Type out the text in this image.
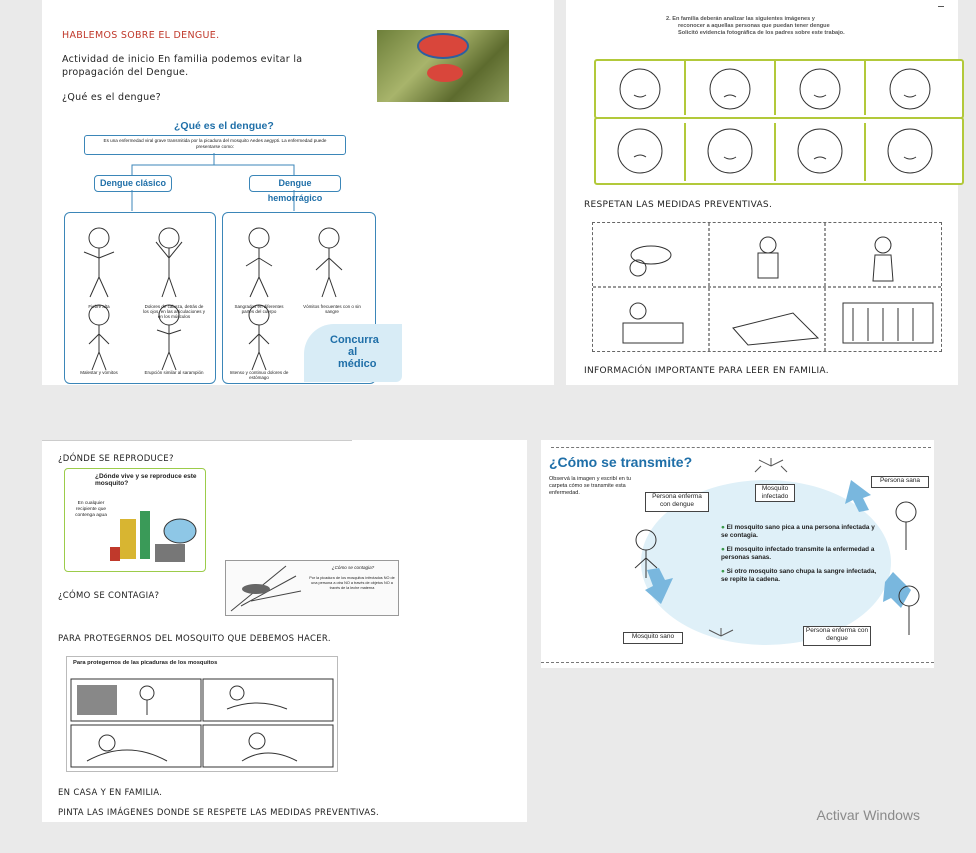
HABLEMOS SOBRE EL DENGUE.
Actividad de inicio En familia podemos evitar la propagación del Dengue.
¿Qué es el dengue?
¿Qué es el dengue?
Es una enfermedad viral grave transmitida por la picadura del mosquito Aedes aegypti. La enfermedad puede presentarse como:
Dengue clásico	Dengue hemorrágico
Fiebre alta	Dolores de cabeza, detrás de los ojos, en las articulaciones y en los músculos
Malestar y vómitos	Erupción similar al sarampión
Sangrados en diferentes partes del cuerpo
Vómitos frecuentes con o sin sangre
Intenso y continuo dolores de estómago
Concurra
al
médico
2. En familia deberán analizar las siguientes imágenes y
reconocer a aquellas personas que puedan tener dengue
Solicitó evidencia fotográfica de los padres sobre este trabajo.
RESPETAN LAS MEDIDAS PREVENTIVAS.
INFORMACIÓN IMPORTANTE PARA LEER EN FAMILIA.
¿DÓNDE SE REPRODUCE?
¿Dónde vive y se reproduce este mosquito?
En cualquier recipiente que contenga agua
¿Cómo se contagia?
Por la picadura de los mosquitos infectados NO de una persona a otra NO a través de objetos NO a través de la leche materna
¿CÓMO SE CONTAGIA?
PARA PROTEGERNOS DEL MOSQUITO QUE DEBEMOS HACER.
Para protegernos de las picaduras de los mosquitos
EN CASA Y EN FAMILIA.
PINTA LAS IMÁGENES DONDE SE RESPETE LAS MEDIDAS PREVENTIVAS.
¿Cómo se transmite?
Observá la imagen y escribí en tu carpeta cómo se transmite esta enfermedad.
Persona sana
Mosquito infectado
Persona enferma con dengue
● El mosquito sano pica a una persona infectada y se contagia.
● El mosquito infectado transmite la enfermedad a personas sanas.
● Si otro mosquito sano chupa la sangre infectada, se repite la cadena.
Mosquito sano
Persona enferma con dengue
Activar Windows
